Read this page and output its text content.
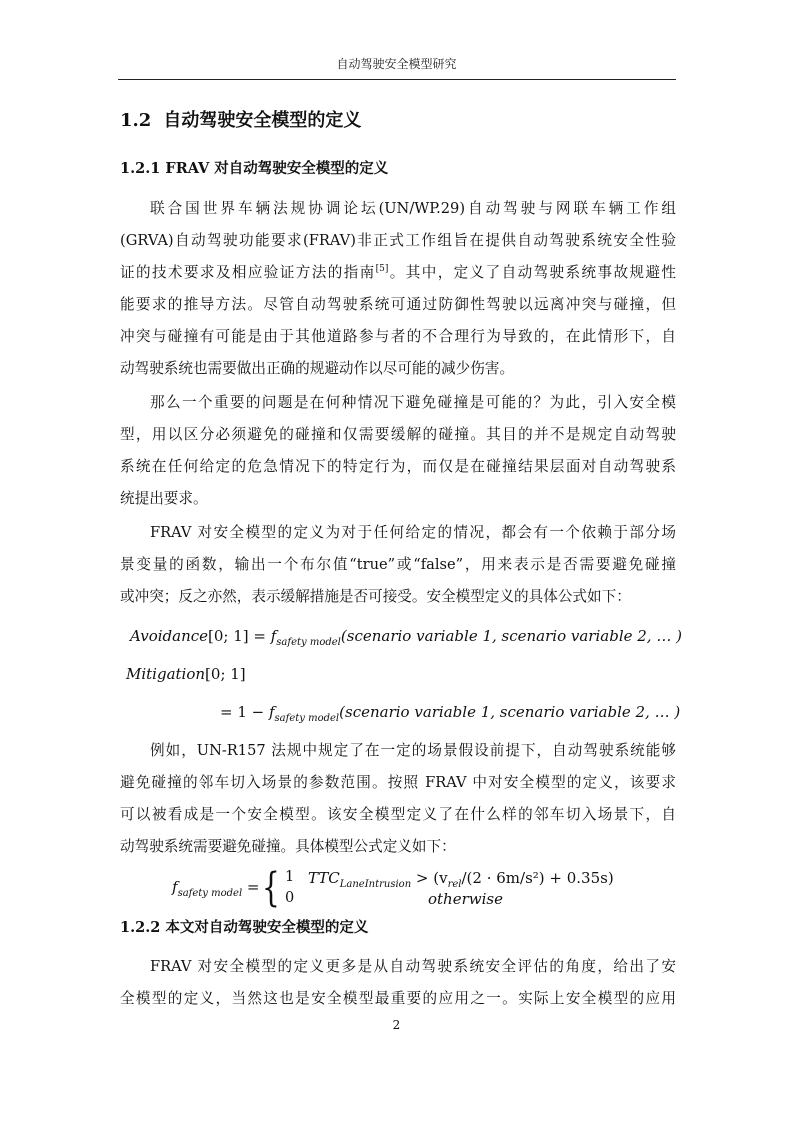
自动驾驶安全模型研究
1.2 自动驾驶安全模型的定义
1.2.1 FRAV 对自动驾驶安全模型的定义
联合国世界车辆法规协调论坛(UN/WP.29)自动驾驶与网联车辆工作组
(GRVA)自动驾驶功能要求(FRAV)非正式工作组旨在提供自动驾驶系统安全性验
证的技术要求及相应验证方法的指南[5]。其中，定义了自动驾驶系统事故规避性
能要求的推导方法。尽管自动驾驶系统可通过防御性驾驶以远离冲突与碰撞，但
冲突与碰撞有可能是由于其他道路参与者的不合理行为导致的，在此情形下，自
动驾驶系统也需要做出正确的规避动作以尽可能的减少伤害。
那么一个重要的问题是在何种情况下避免碰撞是可能的？为此，引入安全模
型，用以区分必须避免的碰撞和仅需要缓解的碰撞。其目的并不是规定自动驾驶
系统在任何给定的危急情况下的特定行为，而仅是在碰撞结果层面对自动驾驶系
统提出要求。
FRAV 对安全模型的定义为对于任何给定的情况，都会有一个依赖于部分场
景变量的函数，输出一个布尔值“true”或“false”，用来表示是否需要避免碰撞
或冲突；反之亦然，表示缓解措施是否可接受。安全模型定义的具体公式如下：
Avoidance[0; $1] = f_{safety model}(scenario$ variable 1, scenario variable 2, … )
Mitigation[0; 1]
= $1 - f_{safety model}(scenario$ variable 1, scenario variable 2, … )
例如，UN-R157 法规中规定了在一定的场景假设前提下，自动驾驶系统能够
避免碰撞的邻车切入场景的参数范围。按照 FRAV 中对安全模型的定义，该要求
可以被看成是一个安全模型。该安全模型定义了在什么样的邻车切入场景下，自
动驾驶系统需要避免碰撞。具体模型公式定义如下：
$f_{safety model}$ = { 1 $TTC_{LaneIntrusion} > (v_{rel}/(2 \cdot 6m/s^2) + 0.35s)$
0	otherwise
1.2.2 本文对自动驾驶安全模型的定义
FRAV 对安全模型的定义更多是从自动驾驶系统安全评估的角度，给出了安
全模型的定义，当然这也是安全模型最重要的应用之一。实际上安全模型的应用
2
